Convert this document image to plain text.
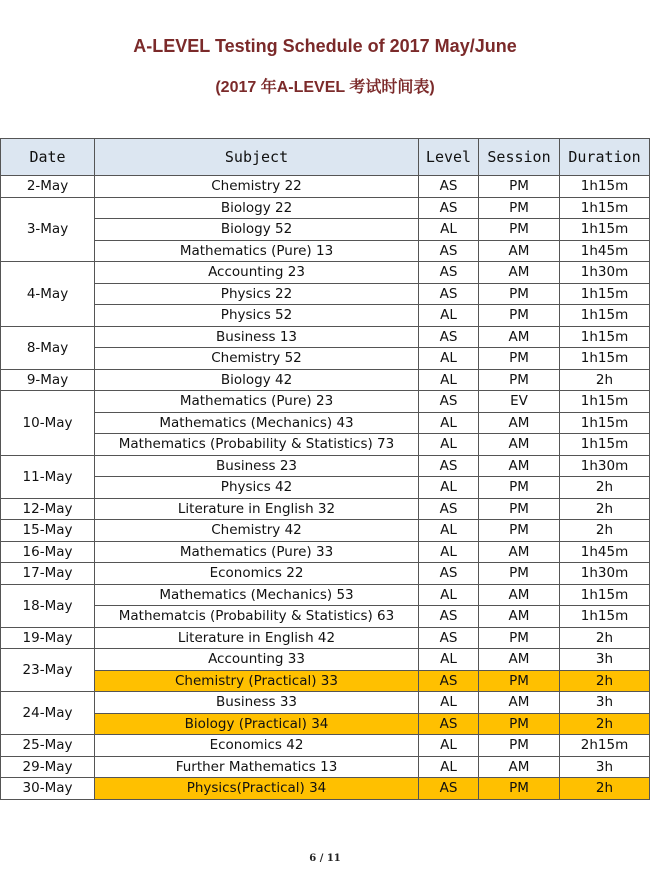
A-LEVEL Testing Schedule of 2017 May/June
(2017 年A-LEVEL 考试时间表)
Date	Subject	Level	Session	Duration
2-May	Chemistry 22	AS	PM	1h15m
3-May	Biology 22	AS	PM	1h15m
	Biology 52	AL	PM	1h15m
	Mathematics (Pure) 13	AS	AM	1h45m
4-May	Accounting 23	AS	AM	1h30m
	Physics 22	AS	PM	1h15m
	Physics 52	AL	PM	1h15m
8-May	Business 13	AS	AM	1h15m
	Chemistry 52	AL	PM	1h15m
9-May	Biology 42	AL	PM	2h
10-May	Mathematics (Pure) 23	AS	EV	1h15m
	Mathematics (Mechanics) 43	AL	AM	1h15m
	Mathematics (Probability & Statistics) 73	AL	AM	1h15m
11-May	Business 23	AS	AM	1h30m
	Physics 42	AL	PM	2h
12-May	Literature in English 32	AS	PM	2h
15-May	Chemistry 42	AL	PM	2h
16-May	Mathematics (Pure) 33	AL	AM	1h45m
17-May	Economics 22	AS	PM	1h30m
18-May	Mathematics (Mechanics) 53	AL	AM	1h15m
	Mathematcis (Probability & Statistics) 63	AS	AM	1h15m
19-May	Literature in English 42	AS	PM	2h
23-May	Accounting 33	AL	AM	3h
	Chemistry (Practical) 33	AS	PM	2h
24-May	Business 33	AL	AM	3h
	Biology (Practical) 34	AS	PM	2h
25-May	Economics 42	AL	PM	2h15m
29-May	Further Mathematics 13	AL	AM	3h
30-May	Physics(Practical) 34	AS	PM	2h
6 / 11
